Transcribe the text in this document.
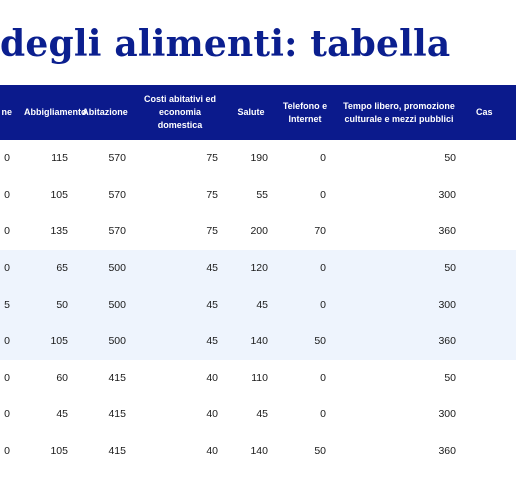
degli alimenti: tabella
ne	Abbigliamento	Abitazione	Costi abitativi ed economia domestica	Salute	Telefono e Internet	Tempo libero, promozione culturale e mezzi pubblici	Cas
0	115	570	75	190	0	50	
0	105	570	75	55	0	300	
0	135	570	75	200	70	360	
0	65	500	45	120	0	50	
5	50	500	45	45	0	300	
0	105	500	45	140	50	360	
0	60	415	40	110	0	50	
0	45	415	40	45	0	300	
0	105	415	40	140	50	360	
